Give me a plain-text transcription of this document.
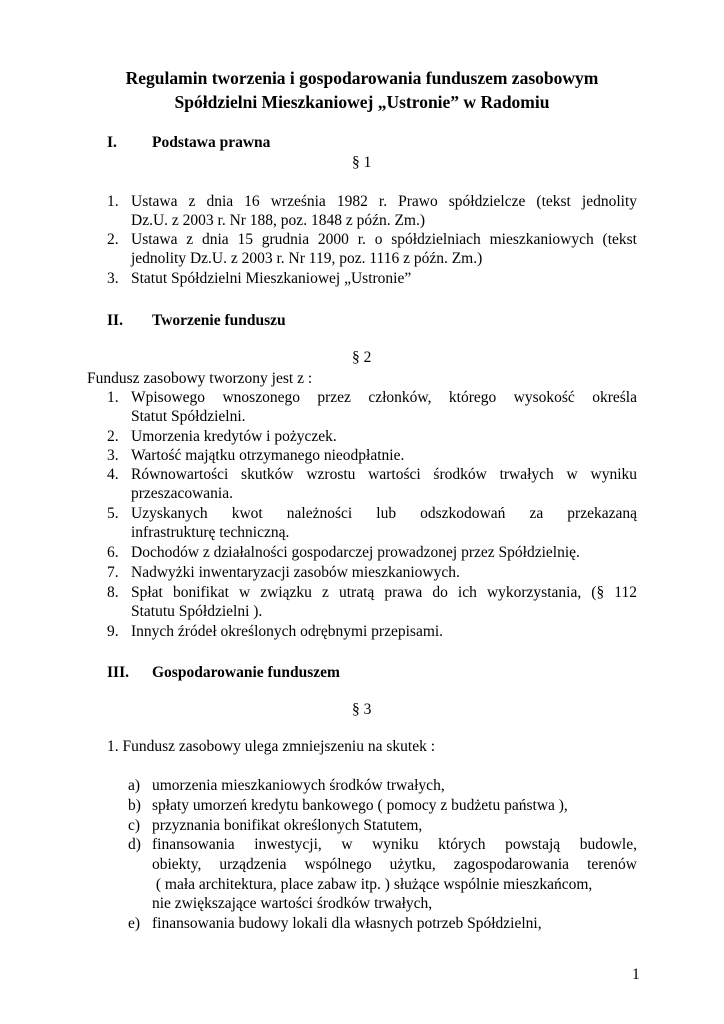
Regulamin tworzenia i gospodarowania funduszem zasobowym
Spółdzielni Mieszkaniowej „Ustronie” w Radomiu
I. Podstawa prawna
§ 1
1. Ustawa z dnia 16 września 1982 r. Prawo spółdzielcze (tekst jednolity
Dz.U. z 2003 r. Nr 188, poz. 1848 z późn. Zm.)
2. Ustawa z dnia 15 grudnia 2000 r. o spółdzielniach mieszkaniowych (tekst
jednolity Dz.U. z 2003 r. Nr 119, poz. 1116 z późn. Zm.)
3. Statut Spółdzielni Mieszkaniowej „Ustronie”
II. Tworzenie funduszu
§ 2
Fundusz zasobowy tworzony jest z :
1. Wpisowego wnoszonego przez członków, którego wysokość określa
Statut Spółdzielni.
2. Umorzenia kredytów i pożyczek.
3. Wartość majątku otrzymanego nieodpłatnie.
4. Równowartości skutków wzrostu wartości środków trwałych w wyniku
przeszacowania.
5. Uzyskanych kwot należności lub odszkodowań za przekazaną
infrastrukturę techniczną.
6. Dochodów z działalności gospodarczej prowadzonej przez Spółdzielnię.
7. Nadwyżki inwentaryzacji zasobów mieszkaniowych.
8. Spłat bonifikat w związku z utratą prawa do ich wykorzystania, (§ 112
Statutu Spółdzielni ).
9. Innych źródeł określonych odrębnymi przepisami.
III. Gospodarowanie funduszem
§ 3
1. Fundusz zasobowy ulega zmniejszeniu na skutek :
a) umorzenia mieszkaniowych środków trwałych,
b) spłaty umorzeń kredytu bankowego ( pomocy z budżetu państwa ),
c) przyznania bonifikat określonych Statutem,
d) finansowania inwestycji, w wyniku których powstają budowle,
obiekty, urządzenia wspólnego użytku, zagospodarowania terenów
( mała architektura, place zabaw itp. ) służące wspólnie mieszkańcom,
nie zwiększające wartości środków trwałych,
e) finansowania budowy lokali dla własnych potrzeb Spółdzielni,
1
